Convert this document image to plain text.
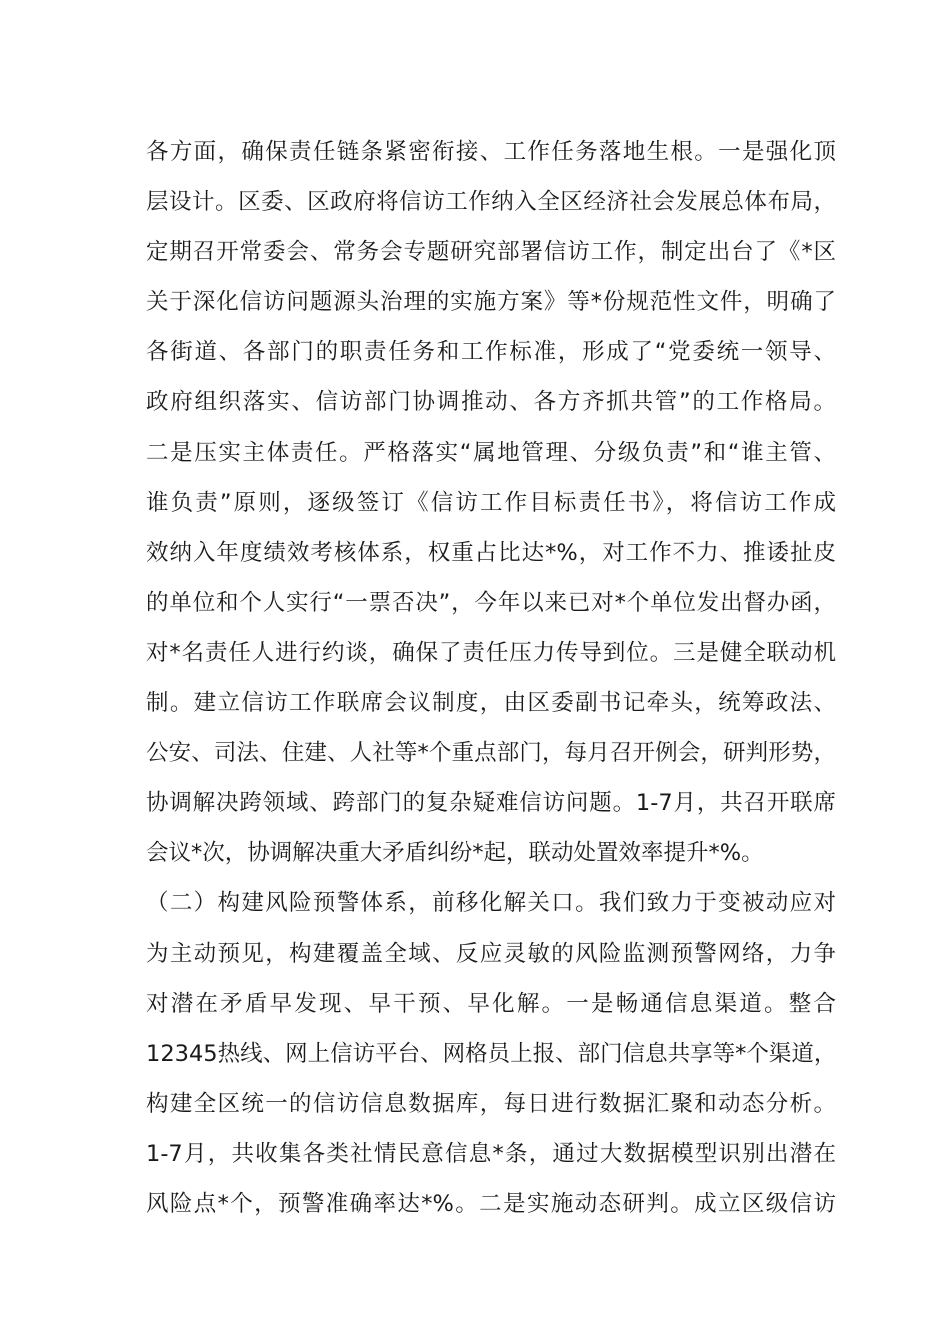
各方面，确保责任链条紧密衔接、工作任务落地生根。一是强化顶
层设计。区委、区政府将信访工作纳入全区经济社会发展总体布局，
定期召开常委会、常务会专题研究部署信访工作，制定出台了《*区
关于深化信访问题源头治理的实施方案》等*份规范性文件，明确了
各街道、各部门的职责任务和工作标准，形成了“党委统一领导、
政府组织落实、信访部门协调推动、各方齐抓共管”的工作格局。
二是压实主体责任。严格落实“属地管理、分级负责”和“谁主管、
谁负责”原则，逐级签订《信访工作目标责任书》，将信访工作成
效纳入年度绩效考核体系，权重占比达*%，对工作不力、推诿扯皮
的单位和个人实行“一票否决”，今年以来已对*个单位发出督办函，
对*名责任人进行约谈，确保了责任压力传导到位。三是健全联动机
制。建立信访工作联席会议制度，由区委副书记牵头，统筹政法、
公安、司法、住建、人社等*个重点部门，每月召开例会，研判形势，
协调解决跨领域、跨部门的复杂疑难信访问题。1-7月，共召开联席
会议*次，协调解决重大矛盾纠纷*起，联动处置效率提升*%。
（二）构建风险预警体系，前移化解关口。我们致力于变被动应对
为主动预见，构建覆盖全域、反应灵敏的风险监测预警网络，力争
对潜在矛盾早发现、早干预、早化解。一是畅通信息渠道。整合
12345热线、网上信访平台、网格员上报、部门信息共享等*个渠道，
构建全区统一的信访信息数据库，每日进行数据汇聚和动态分析。
1-7月，共收集各类社情民意信息*条，通过大数据模型识别出潜在
风险点*个，预警准确率达*%。二是实施动态研判。成立区级信访
